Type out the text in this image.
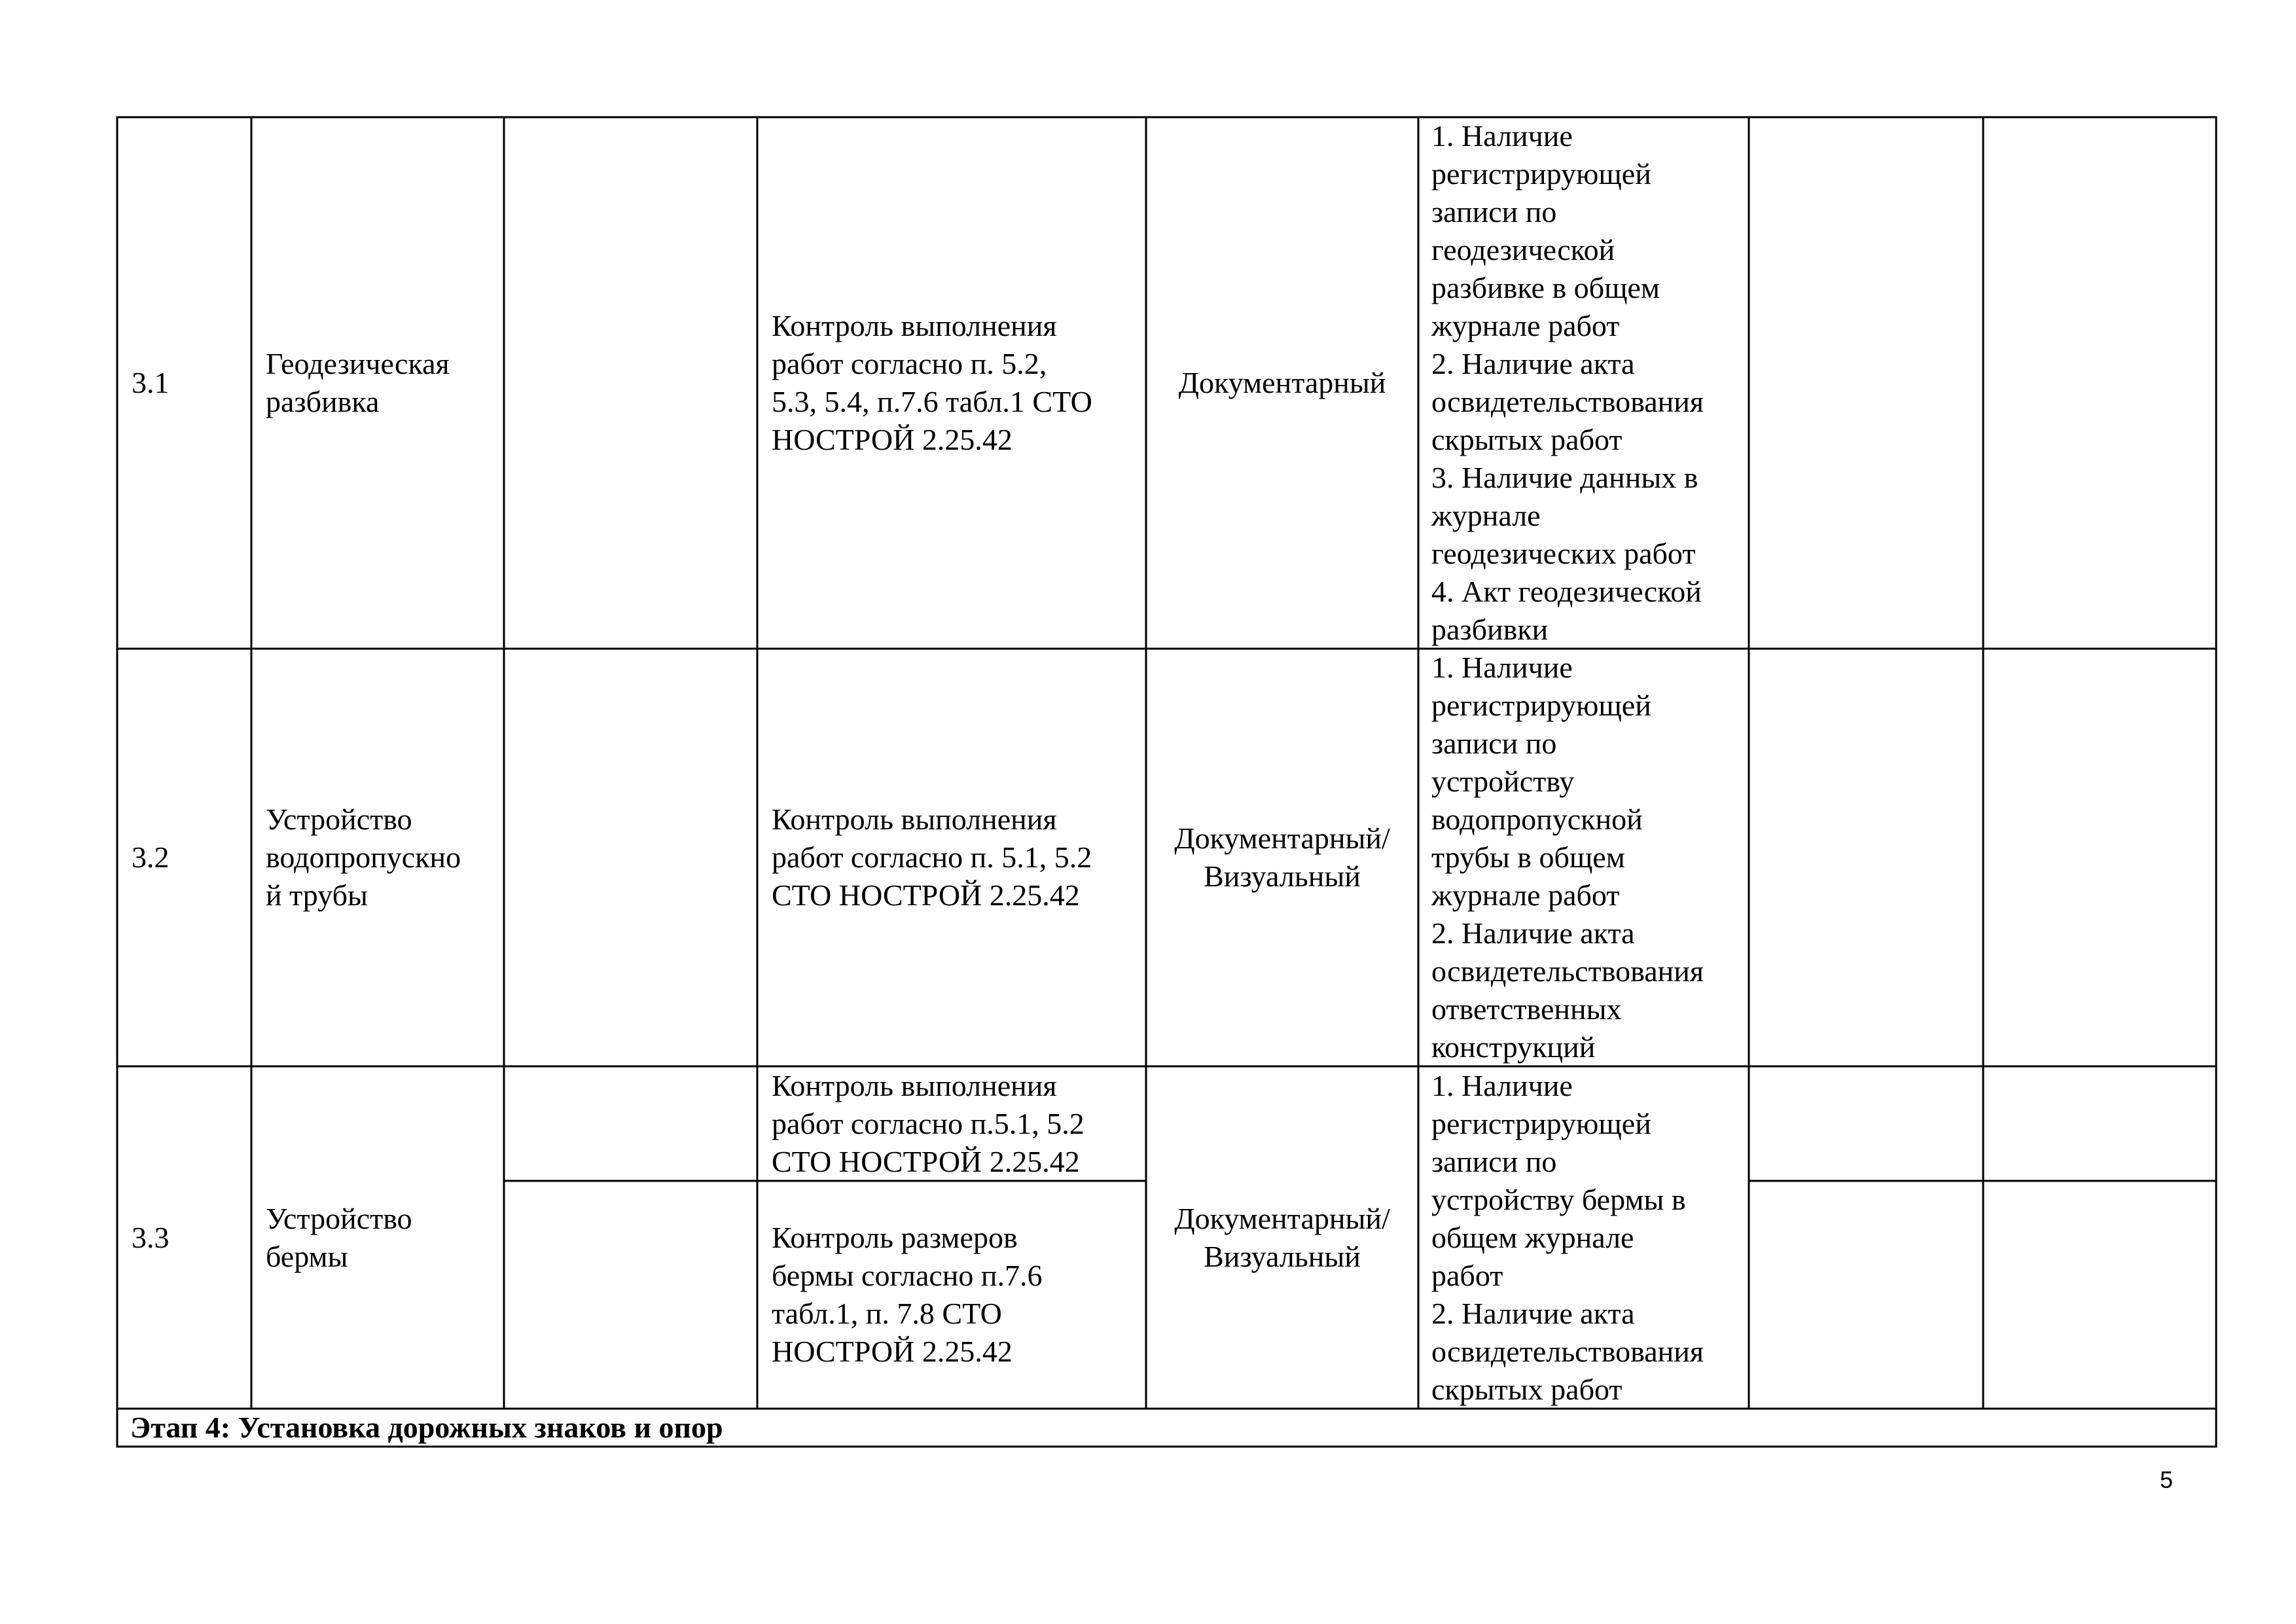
3.1
Геодезическая
разбивка
Контроль выполнения
работ согласно п. 5.2,
5.3, 5.4, п.7.6 табл.1 СТО
НОСТРОЙ 2.25.42
Документарный
1. Наличие
регистрирующей
записи по
геодезической
разбивке в общем
журнале работ
2. Наличие акта
освидетельствования
скрытых работ
3. Наличие данных в
журнале
геодезических работ
4. Акт геодезической
разбивки
3.2
Устройство
водопропускно
й трубы
Контроль выполнения
работ согласно п. 5.1, 5.2
СТО НОСТРОЙ 2.25.42
Документарный/
Визуальный
1. Наличие
регистрирующей
записи по
устройству
водопропускной
трубы в общем
журнале работ
2. Наличие акта
освидетельствования
ответственных
конструкций
3.3
Устройство
бермы
Контроль выполнения
работ согласно п.5.1, 5.2
СТО НОСТРОЙ 2.25.42
Контроль размеров
бермы согласно п.7.6
табл.1, п. 7.8 СТО
НОСТРОЙ 2.25.42
Документарный/
Визуальный
1. Наличие
регистрирующей
записи по
устройству бермы в
общем журнале
работ
2. Наличие акта
освидетельствования
скрытых работ
Этап 4: Установка дорожных знаков и опор
5
